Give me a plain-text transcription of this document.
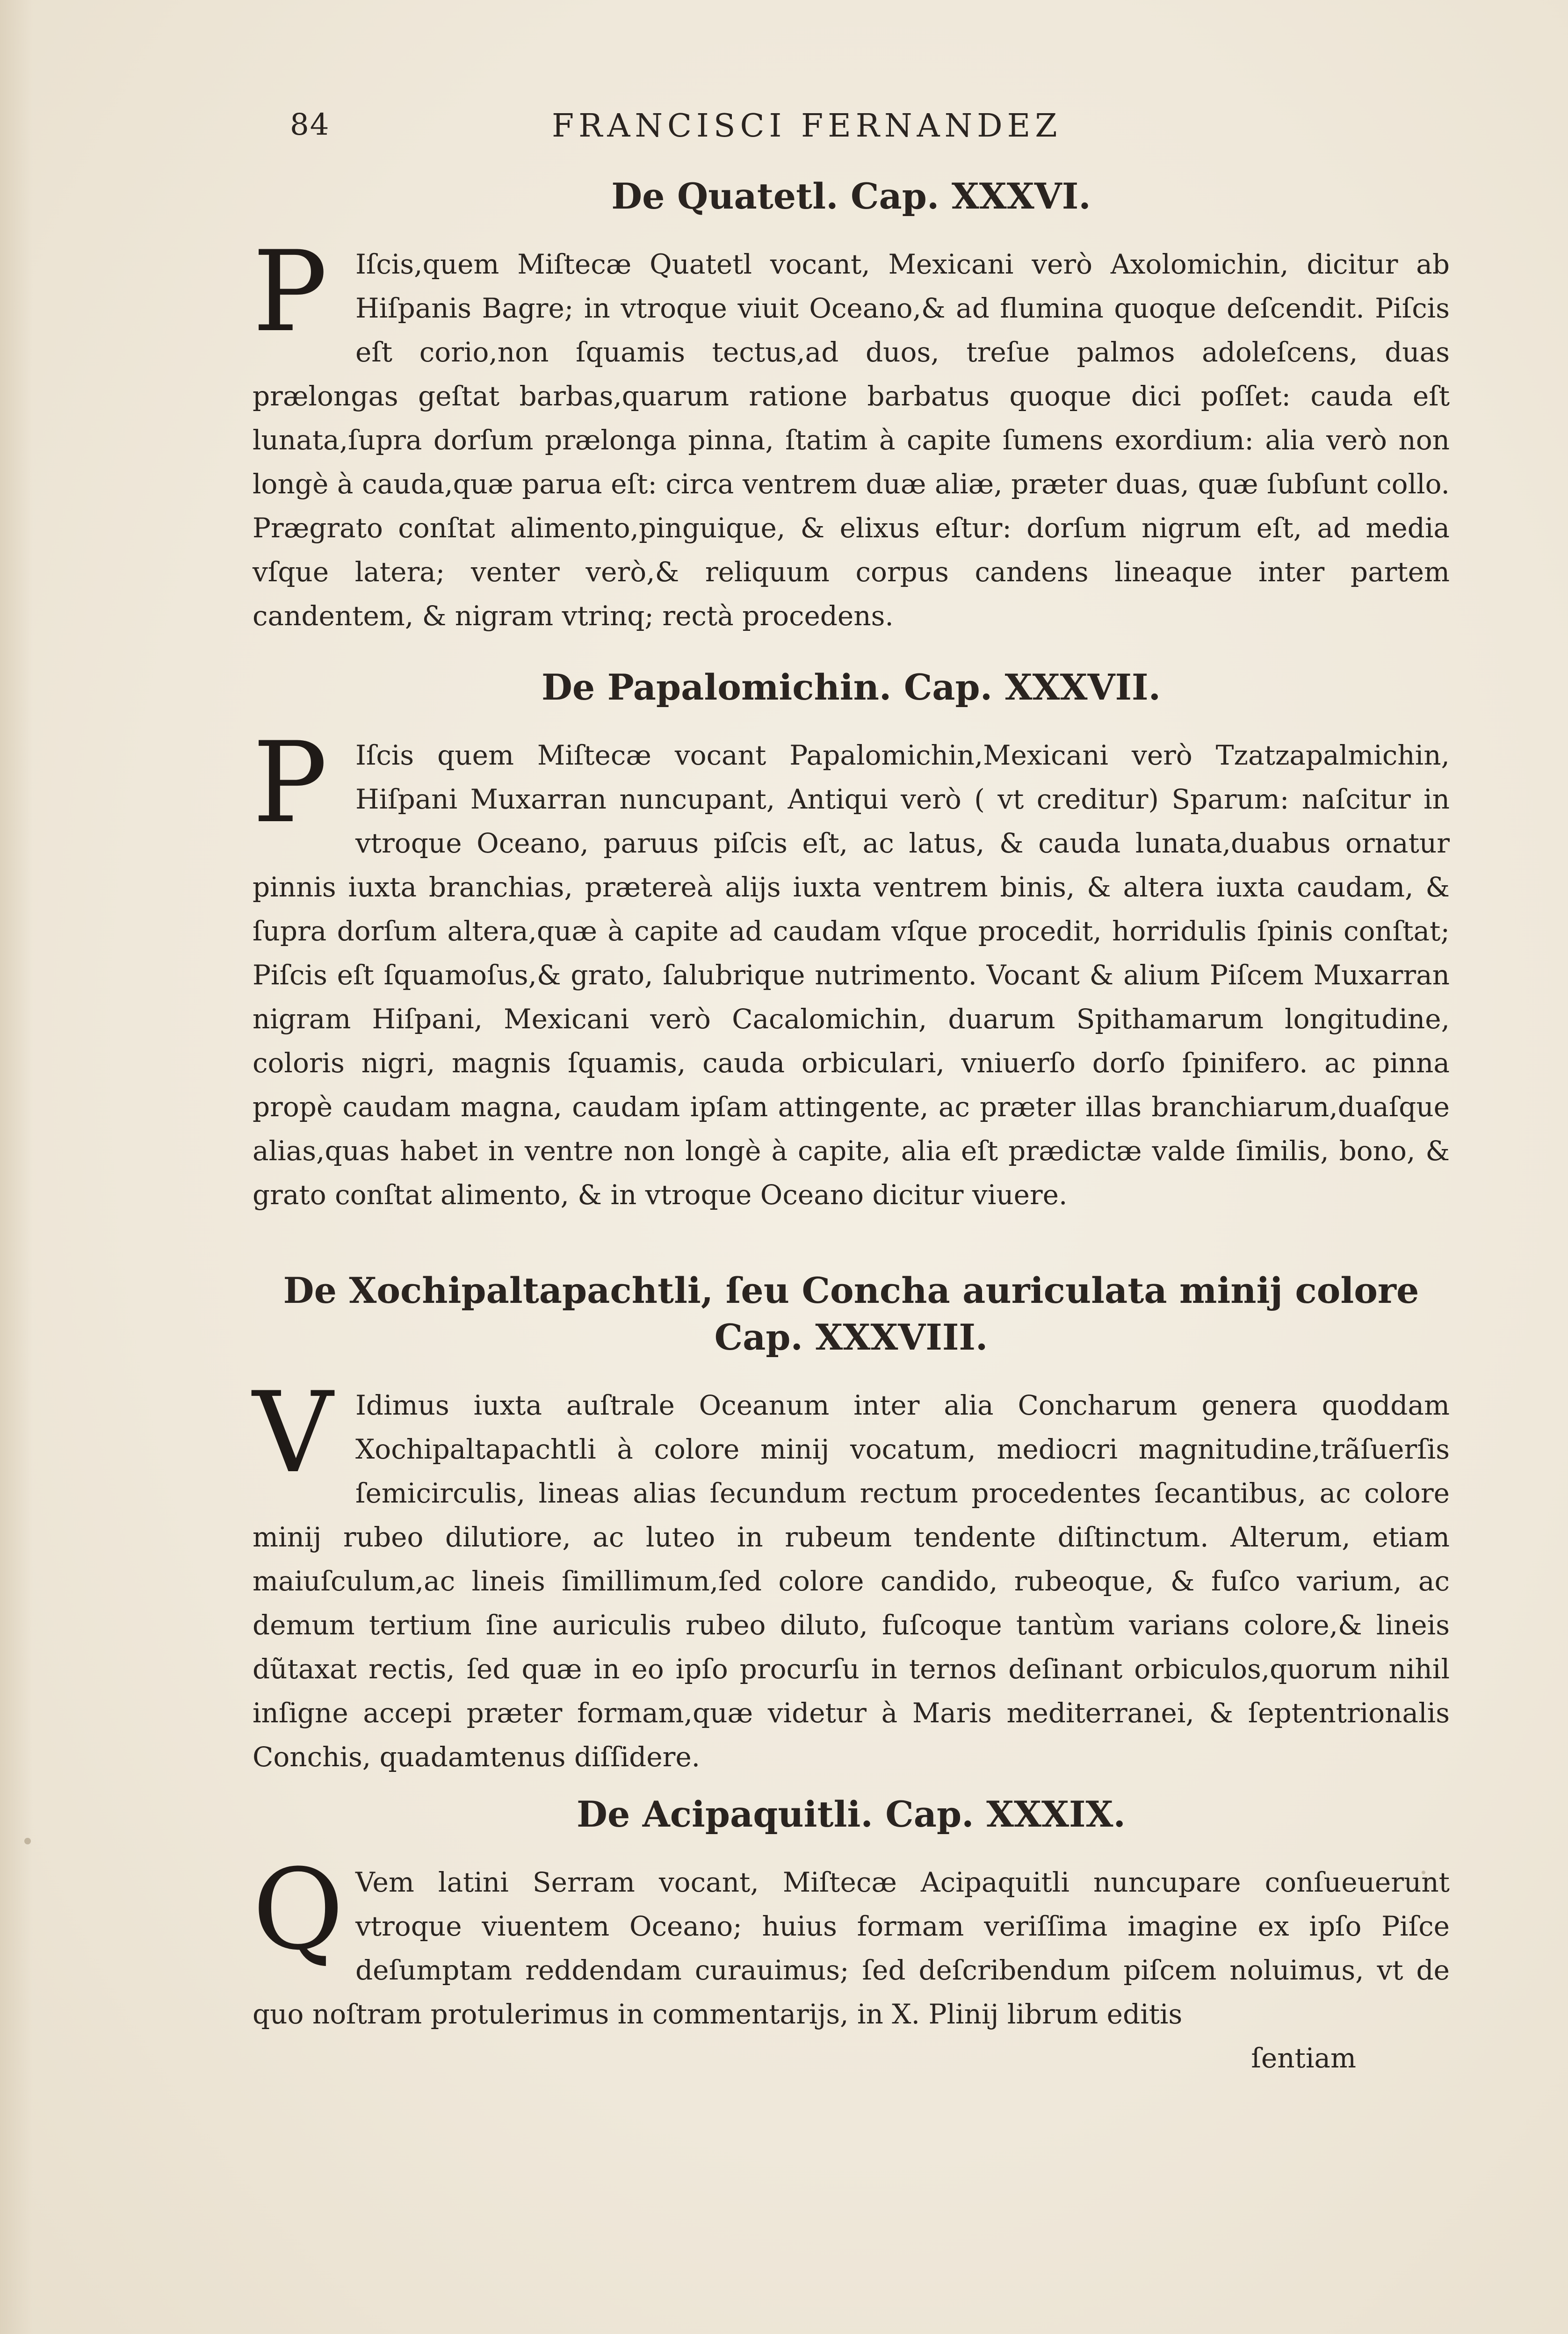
84	FRANCISCI FERNANDEZ
De Quatetl. Cap. XXXVI.
P	Iſcis,quem Miſtecæ Quatetl vocant, Mexicani verò Axolomichin, dicitur ab Hiſpanis Bagre; in vtroque viuit Oceano,& ad flumina quoque deſcendit. Piſcis eſt corio,non ſquamis tectus,ad duos, treſue palmos adoleſcens, duas prælongas geſtat barbas,quarum ratione barbatus quoque dici poſſet: cauda eſt lunata,ſupra dorſum prælonga pinna, ſtatim à capite ſumens exordium: alia verò non longè à cauda,quæ parua eſt: circa ventrem duæ aliæ, præter duas, quæ ſubſunt collo. Prægrato conſtat alimento,pinguique, & elixus eſtur: dorſum nigrum eſt, ad media vſque latera; venter verò,& reliquum corpus candens lineaque inter partem candentem, & nigram vtrinq; rectà procedens.
De Papalomichin. Cap. XXXVII.
P	Iſcis quem Miſtecæ vocant Papalomichin,Mexicani verò Tzatzapalmichin, Hiſpani Muxarran nuncupant, Antiqui verò ( vt creditur) Sparum: naſcitur in vtroque Oceano, paruus piſcis eſt, ac latus, & cauda lunata,duabus ornatur pinnis iuxta branchias, prætereà alijs iuxta ventrem binis, & altera iuxta caudam, & ſupra dorſum altera,quæ à capite ad caudam vſque procedit, horridulis ſpinis conſtat; Piſcis eſt ſquamoſus,& grato, ſalubrique nutrimento. Vocant & alium Piſcem Muxarran nigram Hiſpani, Mexicani verò Cacalomichin, duarum Spithamarum longitudine, coloris nigri, magnis ſquamis, cauda orbiculari, vniuerſo dorſo ſpinifero. ac pinna propè caudam magna, caudam ipſam attingente, ac præter illas branchiarum,duaſque alias,quas habet in ventre non longè à capite, alia eſt prædictæ valde ſimilis, bono, & grato conſtat alimento, & in vtroque Oceano dicitur viuere.
De Xochipaltapachtli, ſeu Concha auriculata minij colore
Cap. XXXVIII.
V Idimus iuxta auſtrale Oceanum inter alia Concharum genera quoddam Xochipaltapachtli à colore minij vocatum, mediocri magnitudine,trãſuerſis ſemicirculis, lineas alias ſecundum rectum procedentes ſecantibus, ac colore minij rubeo dilutiore, ac luteo in rubeum tendente diſtinctum. Alterum, etiam maiuſculum,ac lineis ſimillimum,ſed colore candido, rubeoque, & fuſco varium, ac demum tertium ſine auriculis rubeo diluto, fuſcoque tantùm varians colore,& lineis dũtaxat rectis, ſed quæ in eo ipſo procurſu in ternos deſinant orbiculos,quorum nihil inſigne accepi præter formam,quæ videtur à Maris mediterranei, & ſeptentrionalis Conchis, quadamtenus diſſidere.
De Acipaquitli. Cap. XXXIX.
Q Vem latini Serram vocant, Miſtecæ Acipaquitli nuncupare conſueuerunt vtroque viuentem Oceano; huius formam veriſſima imagine ex ipſo Piſce deſumptam reddendam curauimus; ſed deſcribendum piſcem noluimus, vt de quo noſtram protulerimus in commentarijs, in X. Plinij librum editis
ſentiam
